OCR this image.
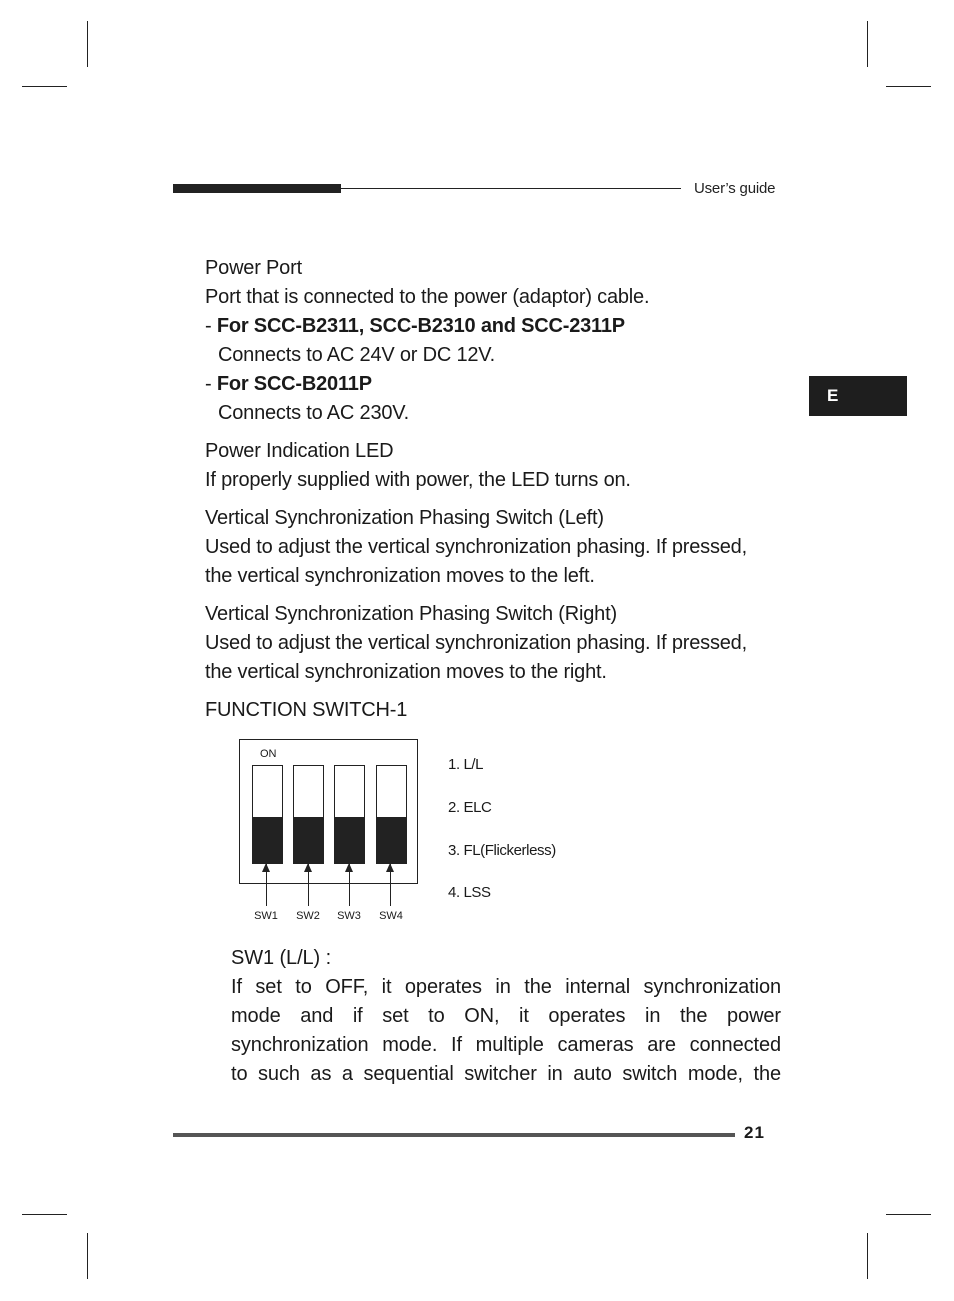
User’s guide
E

Power Port

Port that is connected to the power (adaptor) cable.

- For SCC-B2311, SCC-B2310 and SCC-2311P

Connects to AC 24V or DC 12V.

- For SCC-B2011P

Connects to AC 230V.

Power Indication LED

If properly supplied with power, the LED turns on.

Vertical Synchronization Phasing Switch (Left)

Used to adjust the vertical synchronization phasing. If pressed,

the vertical synchronization moves to the left.

Vertical Synchronization Phasing Switch (Right)

Used to adjust the vertical synchronization phasing. If pressed,

the vertical synchronization moves to the right.

FUNCTION SWITCH-1

ON
SW1	SW2	SW3	SW4
1. L/L
2. ELC
3. FL(Flickerless)
4. LSS

SW1 (L/L) :

If set to OFF, it operates in the internal synchronization

mode and if set to ON, it operates in the power

synchronization mode. If multiple cameras are connected

to such as a sequential switcher in auto switch mode, the

21
